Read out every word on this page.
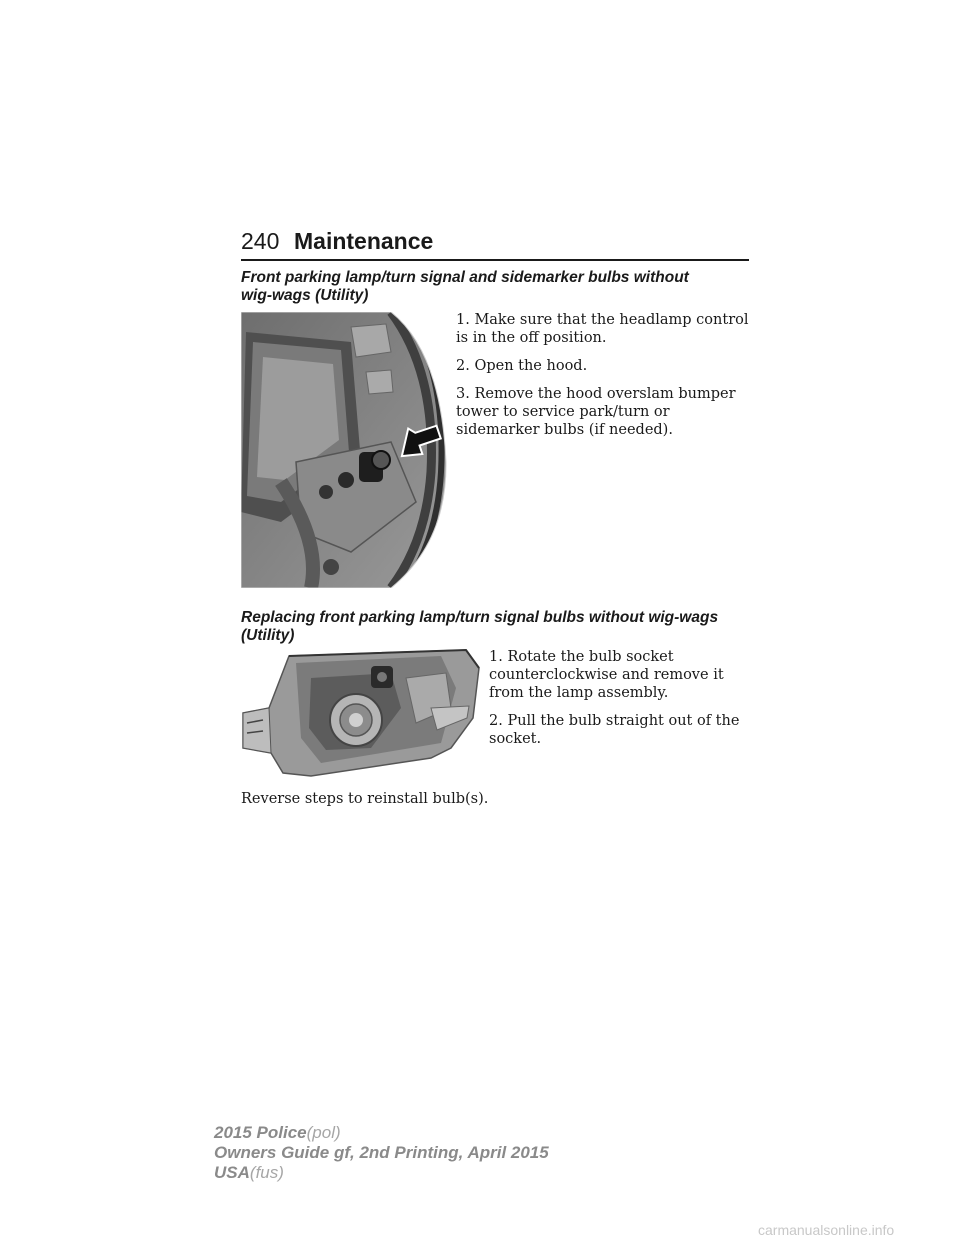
240 Maintenance
Front parking lamp/turn signal and sidemarker bulbs without
wig-wags (Utility)

1. Make sure that the headlamp control is in the off position.

2. Open the hood.

3. Remove the hood overslam bumper tower to service park/turn or sidemarker bulbs (if needed).

Replacing front parking lamp/turn signal bulbs without wig-wags
(Utility)

1. Rotate the bulb socket counterclockwise and remove it from the lamp assembly.

2. Pull the bulb straight out of the socket.

Reverse steps to reinstall bulb(s).
2015 Police(pol)
Owners Guide gf, 2nd Printing, April 2015
USA(fus)
carmanualsonline.info
